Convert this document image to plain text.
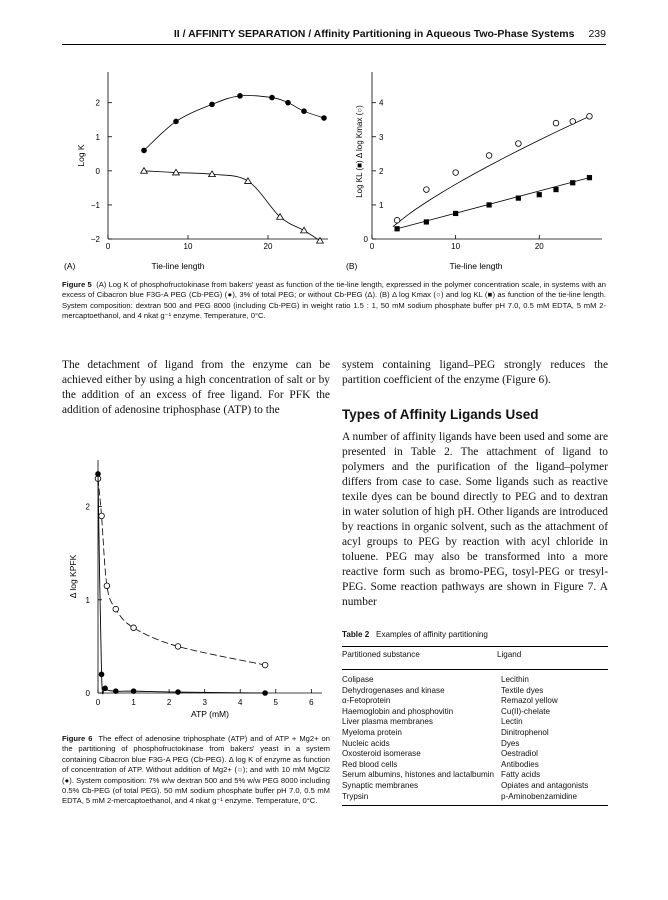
II / AFFINITY SEPARATION / Affinity Partitioning in Aqueous Two-Phase Systems 239
−2
−1
0
1
2
0	10	20
Log K
Tie-line length
(A)
1
2
3
4
0
0	10	20
Log KL (■) Δ log Kmax (○)
Tie-line length
(B)
Figure 5 (A) Log K of phosphofructokinase from bakers' yeast as function of the tie-line length, expressed in the polymer concentration scale, in systems with an excess of Cibacron blue F3G-A PEG (Cb-PEG) (●), 3% of total PEG; or without Cb-PEG (Δ). (B) Δ log Kmax (○) and log KL (■) as function of the tie-line length. System composition: dextran 500 and PEG 8000 (including Cb-PEG) in weight ratio 1.5 : 1, 50 mM sodium phosphate buffer pH 7.0, 0.5 mM EDTA, 5 mM 2-mercaptoethanol, and 4 nkat g⁻¹ enzyme. Temperature, 0°C.
The detachment of ligand from the enzyme can be achieved either by using a high concentration of salt or by the addition of an excess of free ligand. For PFK the addition of adenosine triphosphase (ATP) to the
0
1
2
0	1	2	3	4	5	6
ATP (mM)
Δ log KPFK
Figure 6 The effect of adenosine triphosphate (ATP) and of ATP + Mg2+ on the partitioning of phosphofructokinase from bakers' yeast in a system containing Cibacron blue F3G-A PEG (Cb-PEG). Δ log K of enzyme as function of concentration of ATP. Without addition of Mg2+ (○); and with 10 mM MgCl2 (●). System composition: 7% w/w dextran 500 and 5% w/w PEG 8000 including 0.5% Cb-PEG (of total PEG). 50 mM sodium phosphate buffer pH 7.0, 0.5 mM EDTA, 5 mM 2-mercaptoethanol, and 4 nkat g⁻¹ enzyme. Temperature, 0°C.
system containing ligand–PEG strongly reduces the partition coefficient of the enzyme (Figure 6).
Types of Affinity Ligands Used
A number of affinity ligands have been used and some are presented in Table 2. The attachment of ligand to polymers and the purification of the ligand–polymer differs from case to case. Some ligands such as reactive texile dyes can be bound directly to PEG and to dextran in water solution of high pH. Other ligands are introduced by reactions in organic solvent, such as the attachment of acyl groups to PEG by reaction with acyl chloride in toluene. PEG may also be transformed into a more reactive form such as bromo-PEG, tosyl-PEG or tresyl-PEG. Some reaction pathways are shown in Figure 7. A number
Table 2 Examples of affinity partitioning
Partitioned substance	Ligand
Colipase	Lecithin
Dehydrogenases and kinase	Textile dyes
α-Fetoprotein	Remazol yellow
Haemoglobin and phosphovitin	Cu(II)-chelate
Liver plasma membranes	Lectin
Myeloma protein	Dinitrophenol
Nucleic acids	Dyes
Oxosteroid isomerase	Oestradiol
Red blood cells	Antibodies
Serum albumins, histones and lactalbumin	Fatty acids
Synaptic membranes	Opiates and antagonists
Trypsin	p-Aminobenzamidine
